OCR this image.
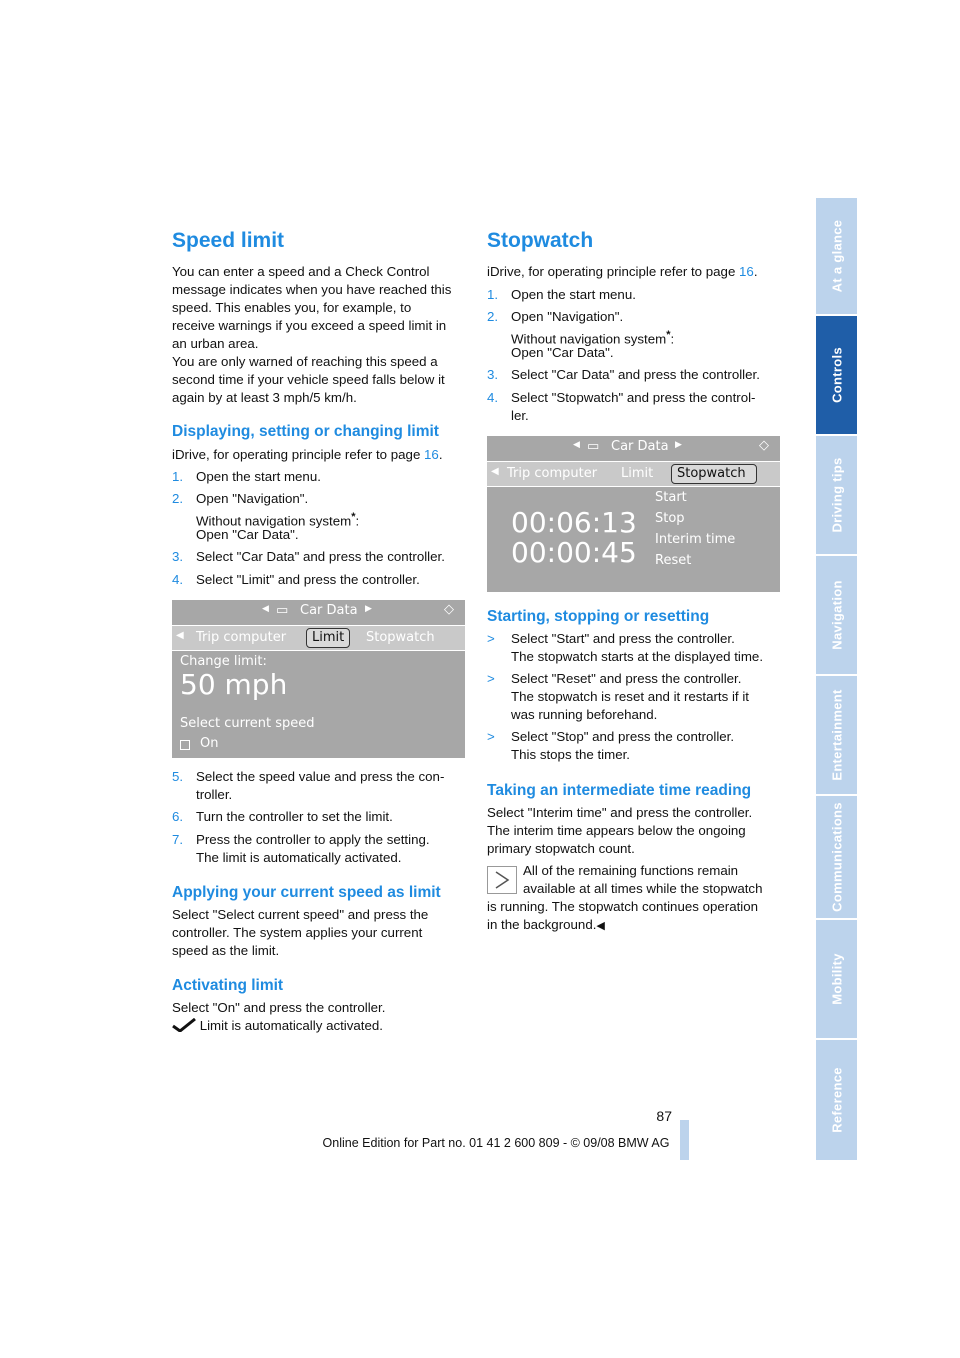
At a glance
Controls
Driving tips
Navigation
Entertainment
Communications
Mobility
Reference
Speed limit
You can enter a speed and a Check Control
message indicates when you have reached this
speed. This enables you, for example, to
receive warnings if you exceed a speed limit in
an urban area.
You are only warned of reaching this speed a
second time if your vehicle speed falls below it
again by at least 3 mph/5 km/h.
Displaying, setting or changing limit
iDrive, for operating principle refer to page 16.
1. Open the start menu.
2. Open "Navigation".
Without navigation system*:
Open "Car Data".
3. Select "Car Data" and press the controller.
4. Select "Limit" and press the controller.
◀ ▭ Car Data ▶	◇
◀ Trip computer Limit Stopwatch
Change limit:
50 mph
Select current speed
On
5. Select the speed value and press the con-
troller.
6. Turn the controller to set the limit.
7. Press the controller to apply the setting.
The limit is automatically activated.
Applying your current speed as limit
Select "Select current speed" and press the
controller. The system applies your current
speed as the limit.
Activating limit
Select "On" and press the controller.
Limit is automatically activated.
Stopwatch
iDrive, for operating principle refer to page 16.
1. Open the start menu.
2. Open "Navigation".
Without navigation system*:
Open "Car Data".
3. Select "Car Data" and press the controller.
4. Select "Stopwatch" and press the control-
ler.
◀ ▭ Car Data ▶	◇
◀ Trip computer Limit Stopwatch
00:06:13
00:00:45
Start
Stop
Interim time
Reset
Starting, stopping or resetting
> Select "Start" and press the controller.
The stopwatch starts at the displayed time.
> Select "Reset" and press the controller.
The stopwatch is reset and it restarts if it
was running beforehand.
> Select "Stop" and press the controller.
This stops the timer.
Taking an intermediate time reading
Select "Interim time" and press the controller.
The interim time appears below the ongoing
primary stopwatch count.
All of the remaining functions remain
available at all times while the stopwatch
is running. The stopwatch continues operation
in the background.◀
87
Online Edition for Part no. 01 41 2 600 809 - © 09/08 BMW AG
